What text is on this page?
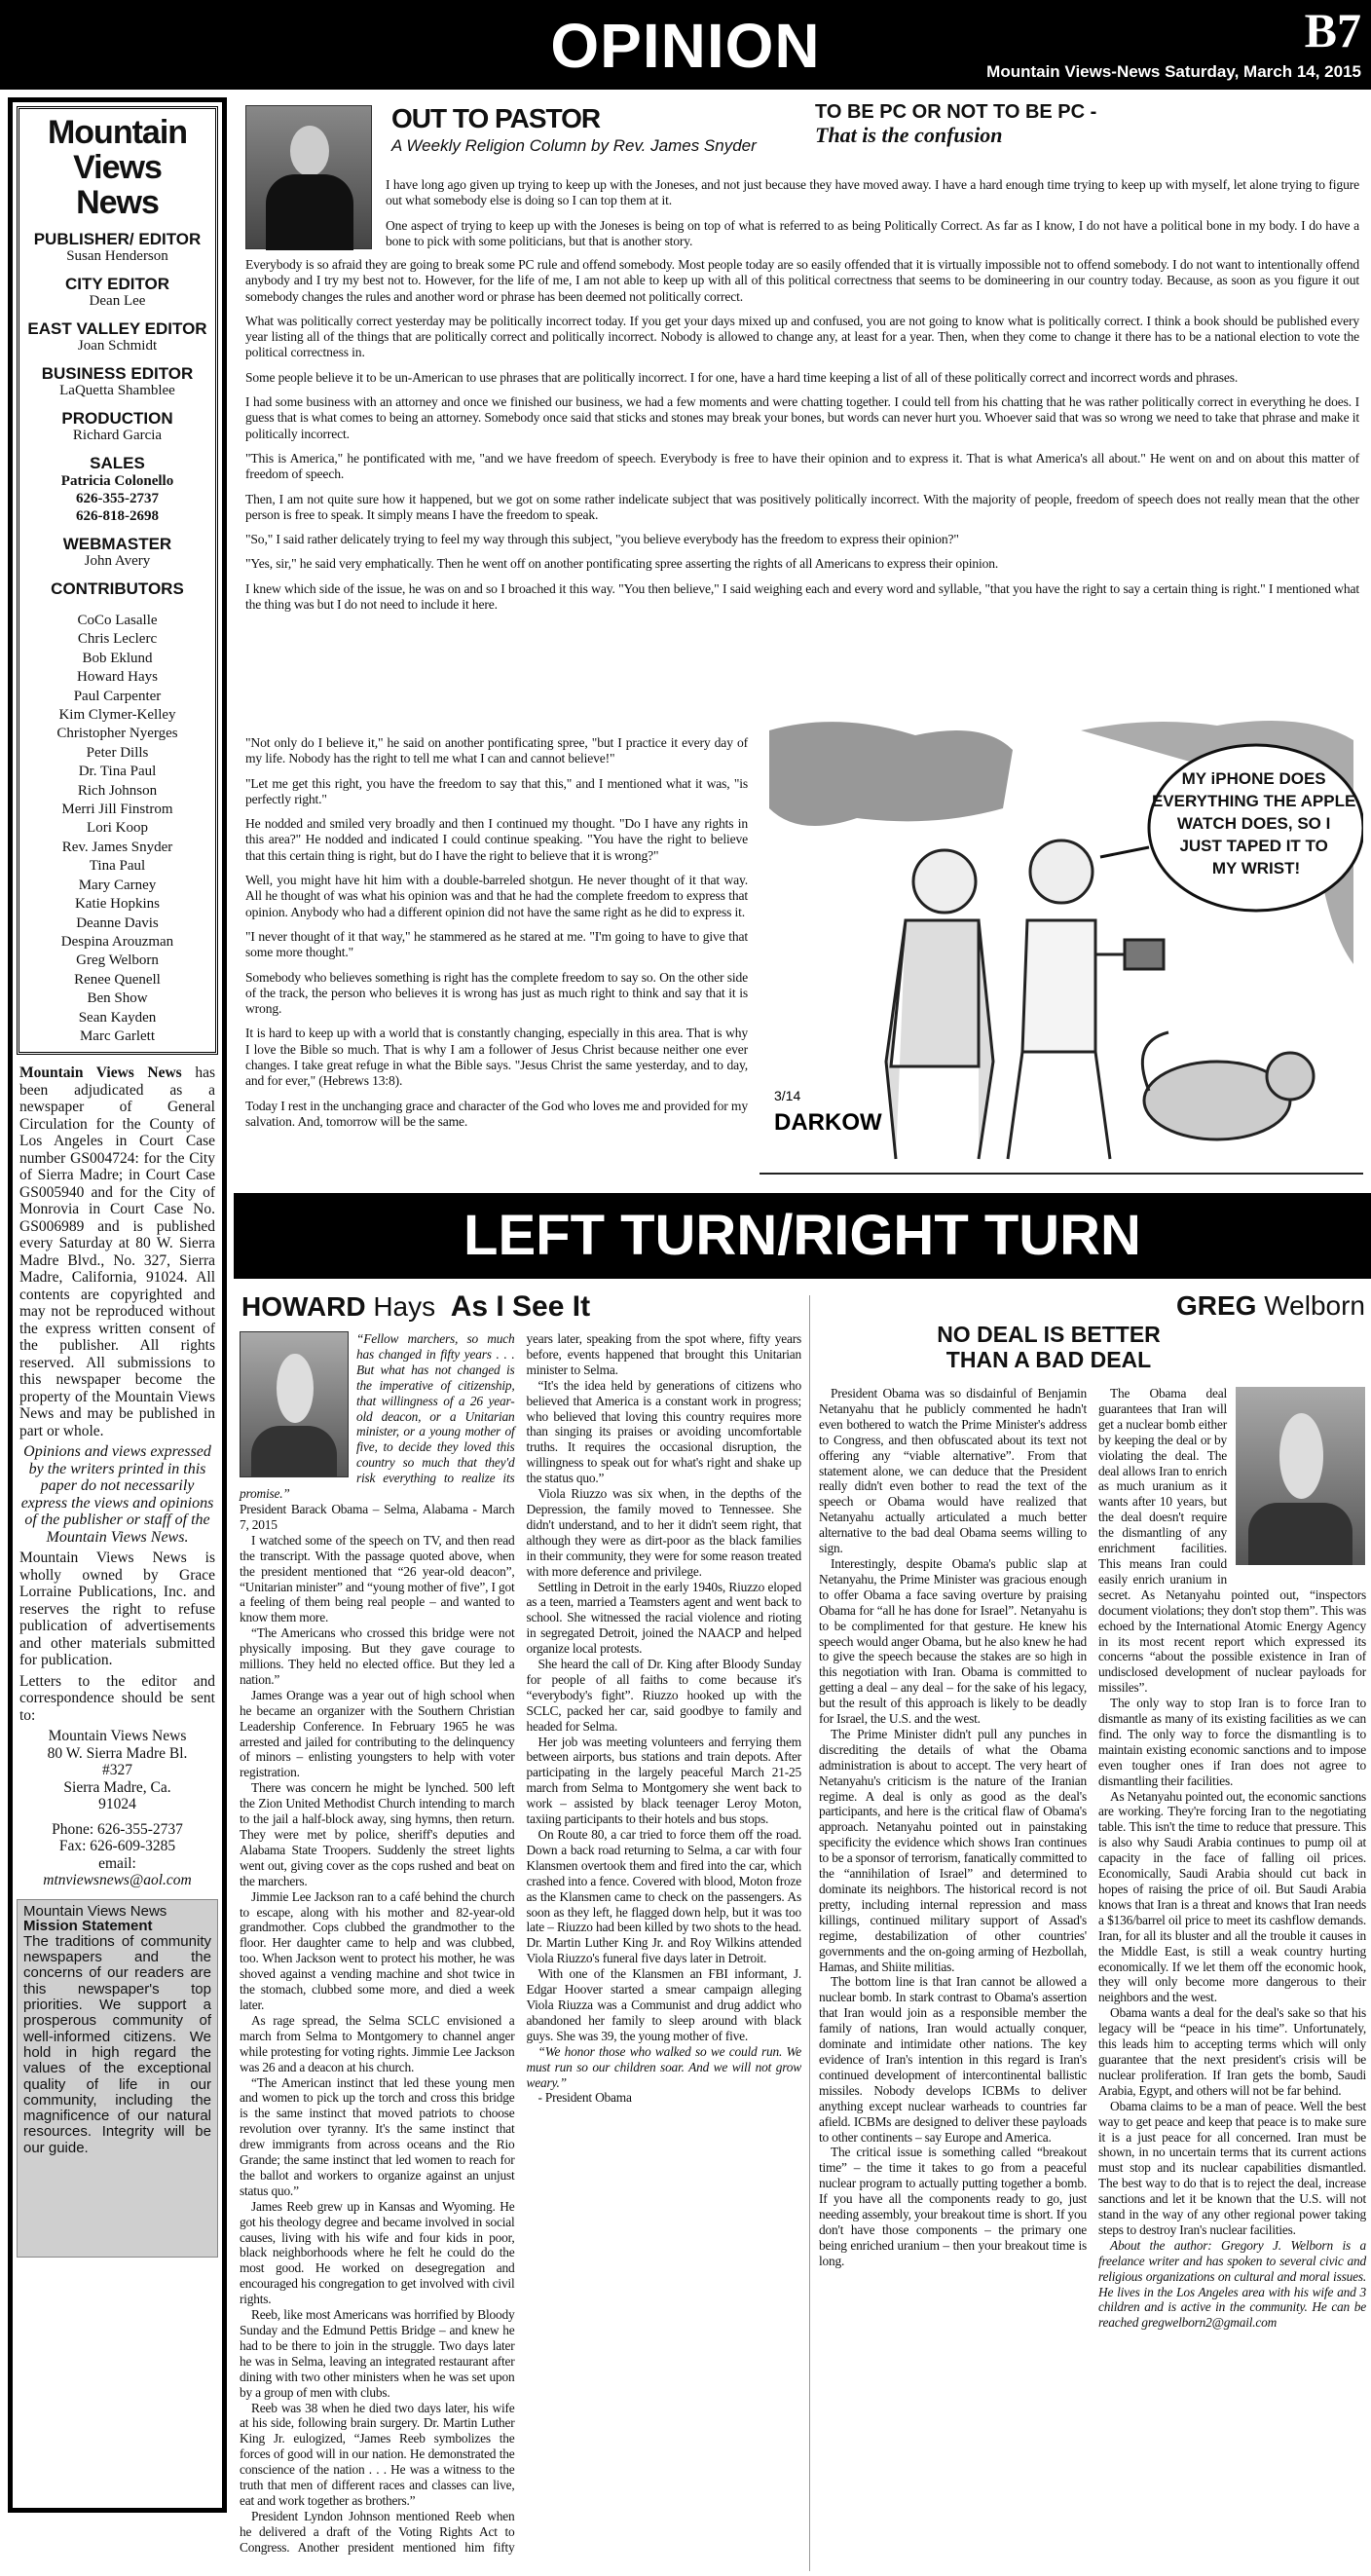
OPINION	B7
Mountain Views-News Saturday, March 14, 2015
Mountain
Views
News
PUBLISHER/ EDITOR
Susan Henderson
CITY EDITOR
Dean Lee
EAST VALLEY EDITOR
Joan Schmidt
BUSINESS EDITOR
LaQuetta Shamblee
PRODUCTION
Richard Garcia
SALES
Patricia Colonello
626-355-2737
626-818-2698
WEBMASTER
John Avery
CONTRIBUTORS
CoCo Lasalle
Chris Leclerc
Bob Eklund
Howard Hays
Paul Carpenter
Kim Clymer-Kelley
Christopher Nyerges
Peter Dills
Dr. Tina Paul
Rich Johnson
Merri Jill Finstrom
Lori Koop
Rev. James Snyder
Tina Paul
Mary Carney
Katie Hopkins
Deanne Davis
Despina Arouzman
Greg Welborn
Renee Quenell
Ben Show
Sean Kayden
Marc Garlett

Mountain Views News has been adjudicated as a newspaper of General Circulation for the County of Los Angeles in Court Case number GS004724: for the City of Sierra Madre; in Court Case GS005940 and for the City of Monrovia in Court Case No. GS006989 and is published every Saturday at 80 W. Sierra Madre Blvd., No. 327, Sierra Madre, California, 91024. All contents are copyrighted and may not be reproduced without the express written consent of the publisher. All rights reserved. All submissions to this newspaper become the property of the Mountain Views News and may be published in part or whole.

Opinions and views expressed by the writers printed in this paper do not necessarily express the views and opinions of the publisher or staff of the Mountain Views News.

Mountain Views News is wholly owned by Grace Lorraine Publications, Inc. and reserves the right to refuse publication of advertisements and other materials submitted for publication.

Letters to the editor and correspondence should be sent to:

Mountain Views News
80 W. Sierra Madre Bl.
#327
Sierra Madre, Ca.
91024
Phone: 626-355-2737
Fax: 626-609-3285
email:
mtnviewsnews@aol.com
Mountain Views News
Mission Statement
The traditions of community newspapers and the concerns of our readers are this newspaper's top priorities. We support a prosperous community of well-informed citizens. We hold in high regard the values of the exceptional quality of life in our community, including the magnificence of our natural resources. Integrity will be our guide.
OUT TO PASTOR
A Weekly Religion Column by Rev. James Snyder
TO BE PC OR NOT TO BE PC -
That is the confusion

I have long ago given up trying to keep up with the Joneses, and not just because they have moved away. I have a hard enough time trying to keep up with myself, let alone trying to figure out what somebody else is doing so I can top them at it.

One aspect of trying to keep up with the Joneses is being on top of what is referred to as being Politically Correct. As far as I know, I do not have a political bone in my body. I do have a bone to pick with some politicians, but that is another story.

Everybody is so afraid they are going to break some PC rule and offend somebody. Most people today are so easily offended that it is virtually impossible not to offend somebody. I do not want to intentionally offend anybody and I try my best not to. However, for the life of me, I am not able to keep up with all of this political correctness that seems to be domineering in our country today. Because, as soon as you figure it out somebody changes the rules and another word or phrase has been deemed not politically correct.

What was politically correct yesterday may be politically incorrect today. If you get your days mixed up and confused, you are not going to know what is politically correct. I think a book should be published every year listing all of the things that are politically correct and politically incorrect. Nobody is allowed to change any, at least for a year. Then, when they come to change it there has to be a national election to vote the political correctness in.

Some people believe it to be un-American to use phrases that are politically incorrect. I for one, have a hard time keeping a list of all of these politically correct and incorrect words and phrases.

I had some business with an attorney and once we finished our business, we had a few moments and were chatting together. I could tell from his chatting that he was rather politically correct in everything he does. I guess that is what comes to being an attorney. Somebody once said that sticks and stones may break your bones, but words can never hurt you. Whoever said that was so wrong we need to take that phrase and make it politically incorrect.

"This is America," he pontificated with me, "and we have freedom of speech. Everybody is free to have their opinion and to express it. That is what America's all about." He went on and on about this matter of freedom of speech.

Then, I am not quite sure how it happened, but we got on some rather indelicate subject that was positively politically incorrect. With the majority of people, freedom of speech does not really mean that the other person is free to speak. It simply means I have the freedom to speak.

"So," I said rather delicately trying to feel my way through this subject, "you believe everybody has the freedom to express their opinion?"

"Yes, sir," he said very emphatically. Then he went off on another pontificating spree asserting the rights of all Americans to express their opinion.

I knew which side of the issue, he was on and so I broached it this way. "You then believe," I said weighing each and every word and syllable, "that you have the right to say a certain thing is right." I mentioned what the thing was but I do not need to include it here.

"Not only do I believe it," he said on another pontificating spree, "but I practice it every day of my life. Nobody has the right to tell me what I can and cannot believe!"

"Let me get this right, you have the freedom to say that this," and I mentioned what it was, "is perfectly right."

He nodded and smiled very broadly and then I continued my thought. "Do I have any rights in this area?" He nodded and indicated I could continue speaking. "You have the right to believe that this certain thing is right, but do I have the right to believe that it is wrong?"

Well, you might have hit him with a double-barreled shotgun. He never thought of it that way. All he thought of was what his opinion was and that he had the complete freedom to express that opinion. Anybody who had a different opinion did not have the same right as he did to express it.

"I never thought of it that way," he stammered as he stared at me. "I'm going to have to give that some more thought."

Somebody who believes something is right has the complete freedom to say so. On the other side of the track, the person who believes it is wrong has just as much right to think and say that it is wrong.

It is hard to keep up with a world that is constantly changing, especially in this area. That is why I love the Bible so much. That is why I am a follower of Jesus Christ because neither one ever changes. I take great refuge in what the Bible says. "Jesus Christ the same yesterday, and to day, and for ever," (Hebrews 13:8).

Today I rest in the unchanging grace and character of the God who loves me and provided for my salvation. And, tomorrow will be the same.

MY iPHONE DOES EVERYTHING THE APPLE WATCH DOES, SO I JUST TAPED IT TO MY WRIST!
3/14
DARKOW
LEFT TURN/RIGHT TURN
HOWARD Hays As I See It

“Fellow marchers, so much has changed in fifty years . . . But what has not changed is the imperative of citizenship, that willingness of a 26 year-old deacon, or a Unitarian minister, or a young mother of five, to decide they loved this country so much that they'd risk everything to realize its promise.”

President Barack Obama – Selma, Alabama - March 7, 2015

I watched some of the speech on TV, and then read the transcript. With the passage quoted above, when the president mentioned that “26 year-old deacon”, “Unitarian minister” and “young mother of five”, I got a feeling of them being real people – and wanted to know them more.

“The Americans who crossed this bridge were not physically imposing. But they gave courage to millions. They held no elected office. But they led a nation.”

James Orange was a year out of high school when he became an organizer with the Southern Christian Leadership Conference. In February 1965 he was arrested and jailed for contributing to the delinquency of minors – enlisting youngsters to help with voter registration.

There was concern he might be lynched. 500 left the Zion United Methodist Church intending to march to the jail a half-block away, sing hymns, then return. They were met by police, sheriff's deputies and Alabama State Troopers. Suddenly the street lights went out, giving cover as the cops rushed and beat on the marchers.

Jimmie Lee Jackson ran to a café behind the church to escape, along with his mother and 82-year-old grandmother. Cops clubbed the grandmother to the floor. Her daughter came to help and was clubbed, too. When Jackson went to protect his mother, he was shoved against a vending machine and shot twice in the stomach, clubbed some more, and died a week later.

As rage spread, the Selma SCLC envisioned a march from Selma to Montgomery to channel anger while protesting for voting rights. Jimmie Lee Jackson was 26 and a deacon at his church.

“The American instinct that led these young men and women to pick up the torch and cross this bridge is the same instinct that moved patriots to choose revolution over tyranny. It's the same instinct that drew immigrants from across oceans and the Rio Grande; the same instinct that led women to reach for the ballot and workers to organize against an unjust status quo.”

James Reeb grew up in Kansas and Wyoming. He got his theology degree and became involved in social causes, living with his wife and four kids in poor, black neighborhoods where he felt he could do the most good. He worked on desegregation and encouraged his congregation to get involved with civil rights.

Reeb, like most Americans was horrified by Bloody Sunday and the Edmund Pettis Bridge – and knew he had to be there to join in the struggle. Two days later he was in Selma, leaving an integrated restaurant after dining with two other ministers when he was set upon by a group of men with clubs.

Reeb was 38 when he died two days later, his wife at his side, following brain surgery. Dr. Martin Luther King Jr. eulogized, “James Reeb symbolizes the forces of good will in our nation. He demonstrated the conscience of the nation . . . He was a witness to the truth that men of different races and classes can live, eat and work together as brothers.”

President Lyndon Johnson mentioned Reeb when he delivered a draft of the Voting Rights Act to Congress. Another president mentioned him fifty years later, speaking from the spot where, fifty years before, events happened that brought this Unitarian minister to Selma.

“It's the idea held by generations of citizens who believed that America is a constant work in progress; who believed that loving this country requires more than singing its praises or avoiding uncomfortable truths. It requires the occasional disruption, the willingness to speak out for what's right and shake up the status quo.”

Viola Riuzzo was six when, in the depths of the Depression, the family moved to Tennessee. She didn't understand, and to her it didn't seem right, that although they were as dirt-poor as the black families in their community, they were for some reason treated with more deference and privilege.

Settling in Detroit in the early 1940s, Riuzzo eloped as a teen, married a Teamsters agent and went back to school. She witnessed the racial violence and rioting in segregated Detroit, joined the NAACP and helped organize local protests.

She heard the call of Dr. King after Bloody Sunday for people of all faiths to come because it's “everybody's fight”. Riuzzo hooked up with the SCLC, packed her car, said goodbye to family and headed for Selma.

Her job was meeting volunteers and ferrying them between airports, bus stations and train depots. After participating in the largely peaceful March 21-25 march from Selma to Montgomery she went back to work – assisted by black teenager Leroy Moton, taxiing participants to their hotels and bus stops.

On Route 80, a car tried to force them off the road. Down a back road returning to Selma, a car with four Klansmen overtook them and fired into the car, which crashed into a fence. Covered with blood, Moton froze as the Klansmen came to check on the passengers. As soon as they left, he flagged down help, but it was too late – Riuzzo had been killed by two shots to the head. Dr. Martin Luther King Jr. and Roy Wilkins attended Viola Riuzzo's funeral five days later in Detroit.

With one of the Klansmen an FBI informant, J. Edgar Hoover started a smear campaign alleging Viola Riuzza was a Communist and drug addict who abandoned her family to sleep around with black guys. She was 39, the young mother of five.

“We honor those who walked so we could run. We must run so our children soar. And we will not grow weary.”

- President Obama

GREG Welborn
NO DEAL IS BETTER THAN A BAD DEAL

President Obama was so disdainful of Benjamin Netanyahu that he publicly commented he hadn't even bothered to watch the Prime Minister's address to Congress, and then obfuscated about its text not offering any “viable alternative”. From that statement alone, we can deduce that the President really didn't even bother to read the text of the speech or Obama would have realized that Netanyahu actually articulated a much better alternative to the bad deal Obama seems willing to sign.

Interestingly, despite Obama's public slap at Netanyahu, the Prime Minister was gracious enough to offer Obama a face saving overture by praising Obama for “all he has done for Israel”. Netanyahu is to be complimented for that gesture. He knew his speech would anger Obama, but he also knew he had to give the speech because the stakes are so high in this negotiation with Iran. Obama is committed to getting a deal – any deal – for the sake of his legacy, but the result of this approach is likely to be deadly for Israel, the U.S. and the west.

The Prime Minister didn't pull any punches in discrediting the details of what the Obama administration is about to accept. The very heart of Netanyahu's criticism is the nature of the Iranian regime. A deal is only as good as the deal's participants, and here is the critical flaw of Obama's approach. Netanyahu pointed out in painstaking specificity the evidence which shows Iran continues to be a sponsor of terrorism, fanatically committed to the “annihilation of Israel” and determined to dominate its neighbors. The historical record is not pretty, including internal repression and mass killings, continued military support of Assad's regime, destabilization of other countries' governments and the on-going arming of Hezbollah, Hamas, and Shiite militias.

The bottom line is that Iran cannot be allowed a nuclear bomb. In stark contrast to Obama's assertion that Iran would join as a responsible member the family of nations, Iran would actually conquer, dominate and intimidate other nations. The key evidence of Iran's intention in this regard is Iran's continued development of intercontinental ballistic missiles. Nobody develops ICBMs to deliver anything except nuclear warheads to countries far afield. ICBMs are designed to deliver these payloads to other continents – say Europe and America.

The critical issue is something called “breakout time” – the time it takes to go from a peaceful nuclear program to actually putting together a bomb. If you have all the components ready to go, just needing assembly, your breakout time is short. If you don't have those components – the primary one being enriched uranium – then your breakout time is long.

The Obama deal guarantees that Iran will get a nuclear bomb either by keeping the deal or by violating the deal. The deal allows Iran to enrich as much uranium as it wants after 10 years, but the deal doesn't require the dismantling of any enrichment facilities. This means Iran could easily enrich uranium in secret. As Netanyahu pointed out, “inspectors document violations; they don't stop them”. This was echoed by the International Atomic Energy Agency in its most recent report which expressed its concerns “about the possible existence in Iran of undisclosed development of nuclear payloads for missiles”.

The only way to stop Iran is to force Iran to dismantle as many of its existing facilities as we can find. The only way to force the dismantling is to maintain existing economic sanctions and to impose even tougher ones if Iran does not agree to dismantling their facilities.

As Netanyahu pointed out, the economic sanctions are working. They're forcing Iran to the negotiating table. This isn't the time to reduce that pressure. This is also why Saudi Arabia continues to pump oil at capacity in the face of falling oil prices. Economically, Saudi Arabia should cut back in hopes of raising the price of oil. But Saudi Arabia knows that Iran is a threat and knows that Iran needs a $136/barrel oil price to meet its cashflow demands. Iran, for all its bluster and all the trouble it causes in the Middle East, is still a weak country hurting economically. If we let them off the economic hook, they will only become more dangerous to their neighbors and the west.

Obama wants a deal for the deal's sake so that his legacy will be “peace in his time”. Unfortunately, this leads him to accepting terms which will only guarantee that the next president's crisis will be nuclear proliferation. If Iran gets the bomb, Saudi Arabia, Egypt, and others will not be far behind.

Obama claims to be a man of peace. Well the best way to get peace and keep that peace is to make sure it is a just peace for all concerned. Iran must be shown, in no uncertain terms that its current actions must stop and its nuclear capabilities dismantled. The best way to do that is to reject the deal, increase sanctions and let it be known that the U.S. will not stand in the way of any other regional power taking steps to destroy Iran's nuclear facilities.

About the author: Gregory J. Welborn is a freelance writer and has spoken to several civic and religious organizations on cultural and moral issues. He lives in the Los Angeles area with his wife and 3 children and is active in the community. He can be reached gregwelborn2@gmail.com
